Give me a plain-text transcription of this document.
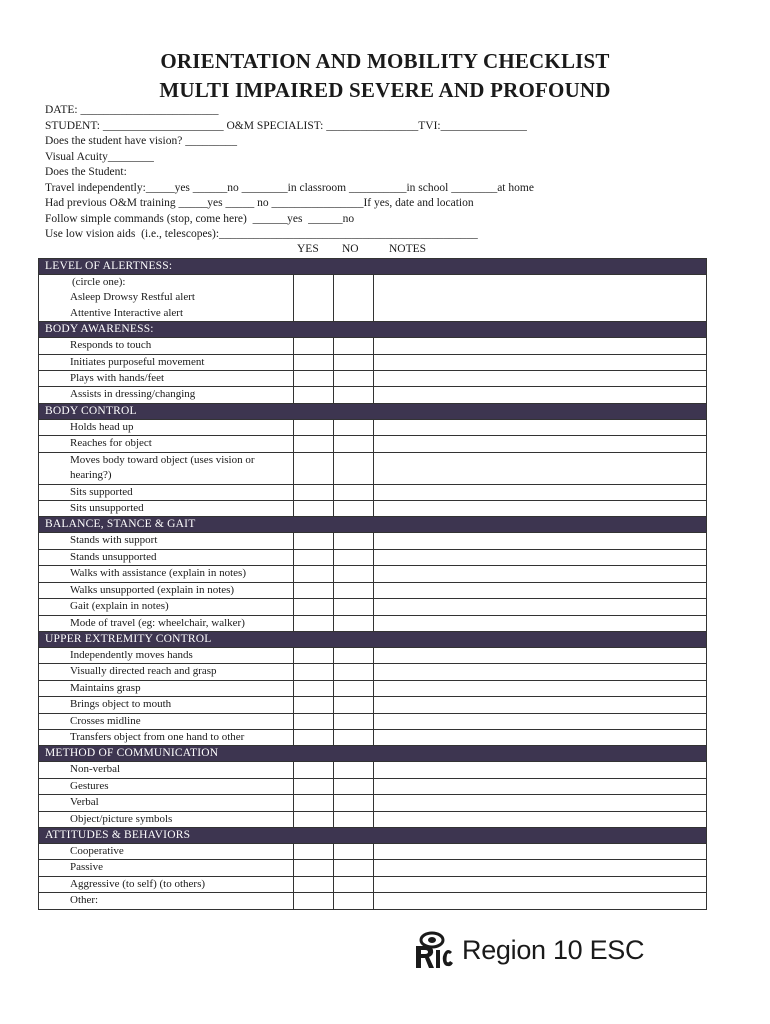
ORIENTATION AND MOBILITY CHECKLIST
MULTI IMPAIRED SEVERE AND PROFOUND
DATE: ________________________
STUDENT: _____________________ O&M SPECIALIST: ________________TVI:_______________
Does the student have vision? _________
Visual Acuity________
Does the Student:
Travel independently:_____yes ______no ________in classroom __________in school ________at home
Had previous O&M training _____yes _____ no ________________If yes, date and location
Follow simple commands (stop, come here)  ______yes  ______no
Use low vision aids  (i.e., telescopes):_____________________________________________
YES NO	NOTES
LEVEL OF ALERTNESS:			

(circle one):			

Asleep Drowsy Restful alert			

Attentive Interactive alert			

BODY AWARENESS:			

Responds to touch			

Initiates purposeful movement			

Plays with hands/feet			

Assists in dressing/changing			

BODY CONTROL			

Holds head up			

Reaches for object			

Moves body toward object (uses vision or hearing?)			

Sits supported			

Sits unsupported			

BALANCE, STANCE & GAIT			

Stands with support			

Stands unsupported			

Walks with assistance (explain in notes)			

Walks unsupported (explain in notes)			

Gait (explain in notes)			

Mode of travel (eg: wheelchair, walker)			

UPPER EXTREMITY CONTROL			

Independently moves hands			

Visually directed reach and grasp			

Maintains grasp			

Brings object to mouth			

Crosses midline			

Transfers object from one hand to other			

METHOD OF COMMUNICATION			

Non-verbal			

Gestures			

Verbal			

Object/picture symbols			

ATTITUDES & BEHAVIORS			

Cooperative			

Passive			

Aggressive (to self) (to others)			

Other:			

Region 10 ESC
